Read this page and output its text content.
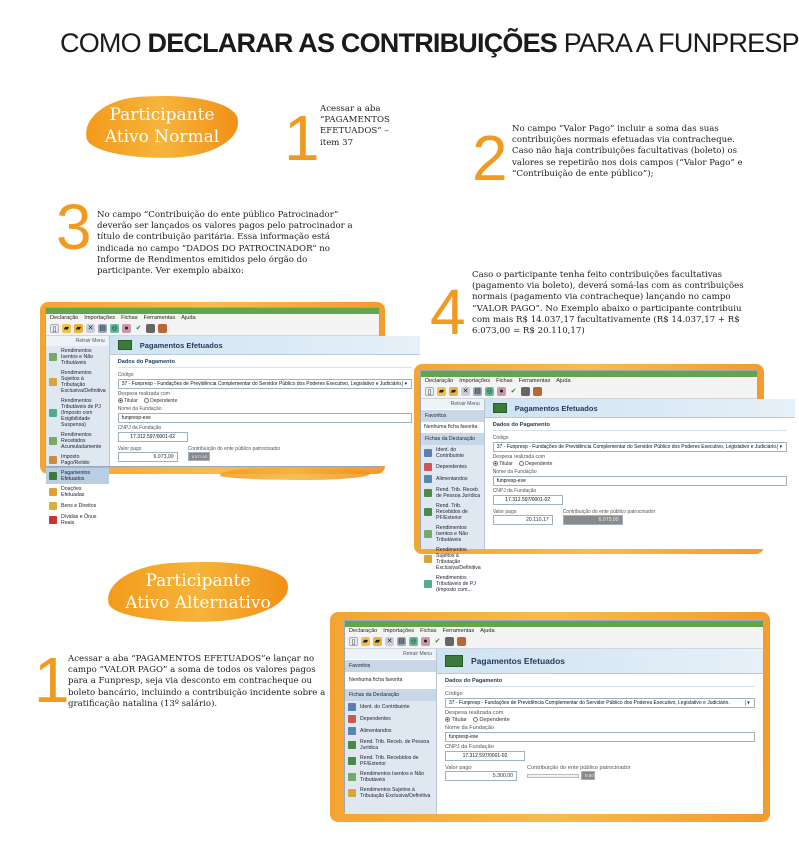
COMO DECLARAR AS CONTRIBUIÇÕES PARA A FUNPRESP
Participante
Ativo Normal 1 Acessar a aba “PAGAMENTOS EFETUADOS” – item 37	2 No campo “Valor Pago” incluir a soma das suas contribuições normais efetuadas via contracheque. Caso não haja contribuições facultativas (boleto) os valores se repetirão nos dois campos (“Valor Pago” e “Contribuição de ente público”);
3 No campo “Contribuição do ente público Patrocinador” deverão ser lançados os valores pagos pelo patrocinador a título de contribuição paritária. Essa informação está indicada no campo “DADOS DO PATROCINADOR” no Informe de Rendimentos emitidos pelo órgão do participante. Ver exemplo abaixo:
4
Caso o participante tenha feito contribuições facultativas (pagamento via boleto), deverá somá-las com as contribuições normais (pagamento via contracheque) lançando no campo “VALOR PAGO”. No Exemplo abaixo o participante contribuiu com mais R$ 14.037,17 facultativamente (R$ 14.037,17 + R$ 6.073,00 = R$ 20.110,17)
Declaração Importações Fichas Ferramentas Ajuda
▯	▰ ▰ ✕ ▤ ◎ ● ✔
Retrair Menu
Rendimentos Isentos e Não Tributáveis
Rendimentos Sujeitos à Tributação Exclusiva/Definitiva
Rendimentos Tributáveis de PJ (Imposto com Exigibilidade Suspensa)
Rendimentos Recebidos Acumuladamente
Imposto Pago/Retido
Pagamentos Efetuados
Doações Efetuadas
Bens e Direitos
Dívidas e Ônus Reais
Pagamentos Efetuados
Dados do Pagamento
Código
37 - Funpresp - Fundações de Previdência Complementar do Servidor Público dos Poderes Executivo, Legislativo e Judiciário. ▾
Despesa realizada com
Titular	Dependente
Nome da Fundação
funpresp-exe
CNPJ da Fundação
17.312.597/0001-02
Valor pago
6.073,00
Contribuição do ente público patrocinador
6.073,00
Declaração Importações Fichas Ferramentas Ajuda
▯	▰ ▰ ✕ ▤ ◎ ● ✔
Retrair Menu
Favoritos
Nenhuma ficha favorita
Fichas da Declaração
Ident. do Contribuinte
Dependentes
Alimentandos
Rend. Trib. Receb. de Pessoa Jurídica
Rend. Trib. Recebidos de PF/Exterior
Rendimentos Isentos e Não Tributáveis
Rendimentos Sujeitos à Tributação Exclusiva/Definitiva
Rendimentos Tributáveis de PJ (Imposto com...
Pagamentos Efetuados
Dados do Pagamento
Código
37 - Funpresp - Fundações de Previdência Complementar do Servidor Público dos Poderes Executivo, Legislativo e Judiciário. ▾
Despesa realizada com
Titular	Dependente
Nome da Fundação
funpresp-exe
CNPJ da Fundação
17.312.597/0001-02
Valor pago
20.110,17
Contribuição do ente público patrocinador
6.073,00
Participante
Ativo Alternativo
1
Acessar a aba “PAGAMENTOS EFETUADOS”e lançar no campo “VALOR PAGO” a soma de todos os valores pagos para a Funpresp, seja via desconto em contracheque ou boleto bancário, incluindo a contribuição incidente sobre a gratificação natalina (13º salário).
Declaração Importações Fichas Ferramentas Ajuda
▯	▰ ▰ ✕ ▤ ◎ ● ✔
Retrair Menu
Favoritos
Nenhuma ficha favorita
Fichas da Declaração
Ident. do Contribuinte
Dependentes
Alimentandos
Rend. Trib. Receb. de Pessoa Jurídica
Rend. Trib. Recebidos de PF/Exterior
Rendimentos Isentos e Não Tributáveis
Rendimentos Sujeitos à Tributação Exclusiva/Definitiva
Pagamentos Efetuados
Dados do Pagamento
Código
37 - Funpresp - Fundações de Previdência Complementar do Servidor Público dos Poderes Executivo, Legislativo e Judiciário.	▾
Despesa realizada com
Titular	Dependente
Nome da Fundação
funpresp-exe
CNPJ da Fundação
17.312.597/0001-02
Valor pago
5.300,00
Contribuição do ente público patrocinador
0,00
